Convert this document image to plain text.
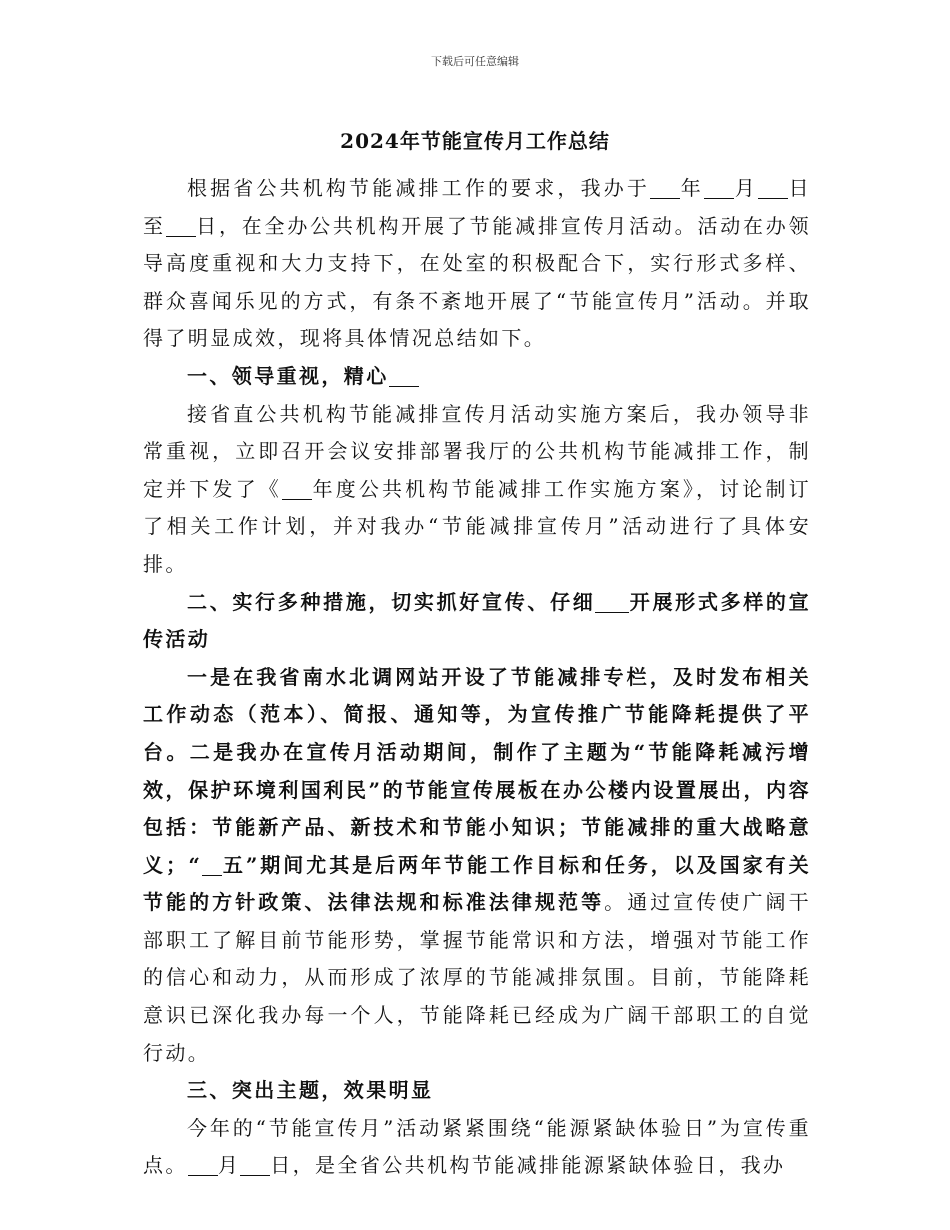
下载后可任意编辑
2024年节能宣传月工作总结

根据省公共机构节能减排工作的要求，我办于 年 月 日至 日，在全办公共机构开展了节能减排宣传月活动。活动在办领导高度重视和大力支持下，在处室的积极配合下，实行形式多样、群众喜闻乐见的方式，有条不紊地开展了“节能宣传月”活动。并取得了明显成效，现将具体情况总结如下。

一、领导重视，精心

接省直公共机构节能减排宣传月活动实施方案后，我办领导非常重视，立即召开会议安排部署我厅的公共机构节能减排工作，制定并下发了《 年度公共机构节能减排工作实施方案》，讨论制订了相关工作计划，并对我办“节能减排宣传月”活动进行了具体安排。

二、实行多种措施，切实抓好宣传、仔细 开展形式多样的宣传活动

一是在我省南水北调网站开设了节能减排专栏，及时发布相关工作动态（范本）、简报、通知等，为宣传推广节能降耗提供了平台。二是我办在宣传月活动期间，制作了主题为“节能降耗减污增效，保护环境利国利民”的节能宣传展板在办公楼内设置展出，内容包括：节能新产品、新技术和节能小知识；节能减排的重大战略意义；“ 五”期间尤其是后两年节能工作目标和任务，以及国家有关节能的方针政策、法律法规和标准法律规范等。通过宣传使广阔干部职工了解目前节能形势，掌握节能常识和方法，增强对节能工作的信心和动力，从而形成了浓厚的节能减排氛围。目前，节能降耗意识已深化我办每一个人，节能降耗已经成为广阔干部职工的自觉行动。

三、突出主题，效果明显

今年的“节能宣传月”活动紧紧围绕“能源紧缺体验日”为宣传重点。 月 日，是全省公共机构节能减排能源紧缺体验日，我办
